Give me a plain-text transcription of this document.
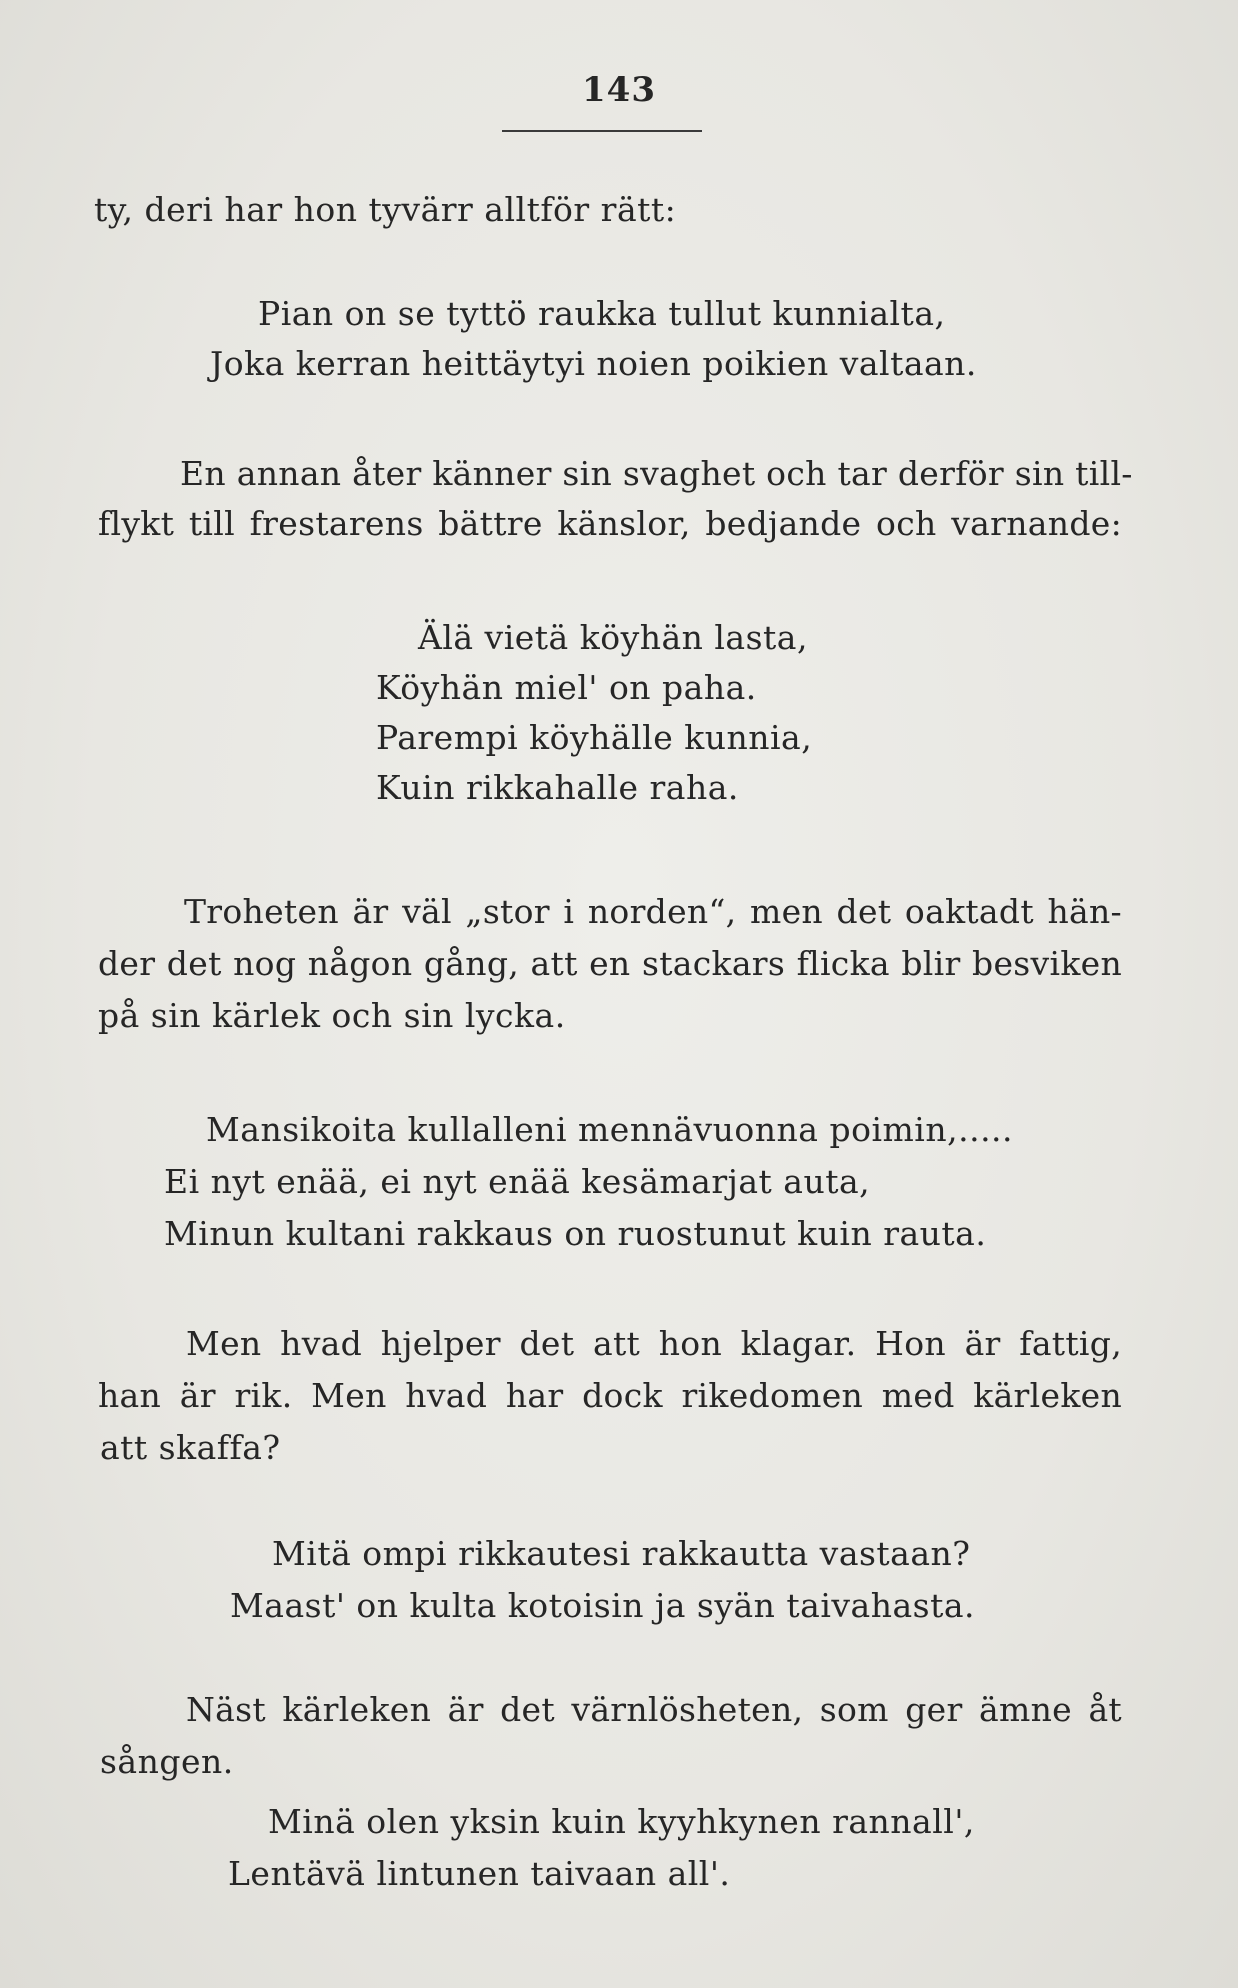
143
ty, deri har hon tyvärr alltför rätt:
Pian on se tyttö raukka tullut kunnialta,
Joka kerran heittäytyi noien poikien valtaan.
En annan åter känner sin svaghet och tar derför sin till-
flykt till frestarens bättre känslor, bedjande och varnande:
Älä vietä köyhän lasta,
Köyhän miel' on paha.
Parempi köyhälle kunnia,
Kuin rikkahalle raha.
Troheten är väl „stor i norden“, men det oaktadt hän-
der det nog någon gång, att en stackars flicka blir besviken
på sin kärlek och sin lycka.
Mansikoita kullalleni mennävuonna poimin,.....
Ei nyt enää, ei nyt enää kesämarjat auta,
Minun kultani rakkaus on ruostunut kuin rauta.
Men hvad hjelper det att hon klagar. Hon är fattig,
han är rik. Men hvad har dock rikedomen med kärleken
att skaffa?
Mitä ompi rikkautesi rakkautta vastaan?
Maast' on kulta kotoisin ja syän taivahasta.
Näst kärleken är det värnlösheten, som ger ämne åt
sången.
Minä olen yksin kuin kyyhkynen rannall',
Lentävä lintunen taivaan all'.
